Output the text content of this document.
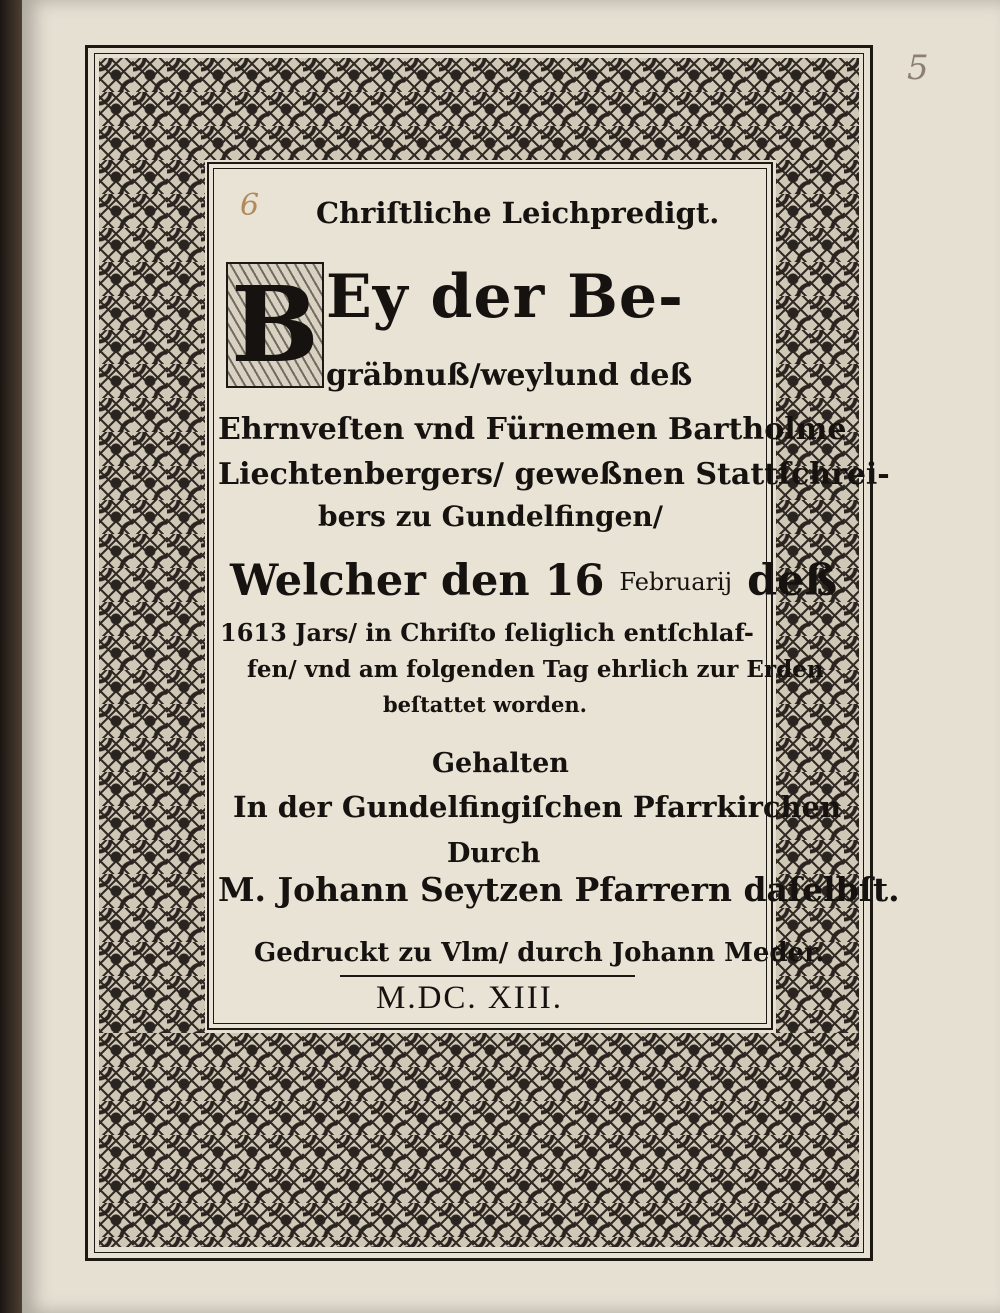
5
6 Chriſtliche Leichpredigt.
B Ey der Be-
gräbnuß/weylund deß
Ehrnveſten vnd Fürnemen Bartholme
Liechtenbergers/ geweßnen Stattſchrei-
bers zu Gundelfingen/
Welcher den 16 Februarij deß
1613 Jars/ in Chriſto ſeliglich entſchlaf-
fen/ vnd am folgenden Tag ehrlich zur Erden
beſtattet worden.
Gehalten
In der Gundelfingiſchen Pfarrkirchen
Durch
M. Johann Seytzen Pfarrern daſelbſt.
Gedruckt zu Vlm/ durch Johann Meder.
M.DC. XIII.
